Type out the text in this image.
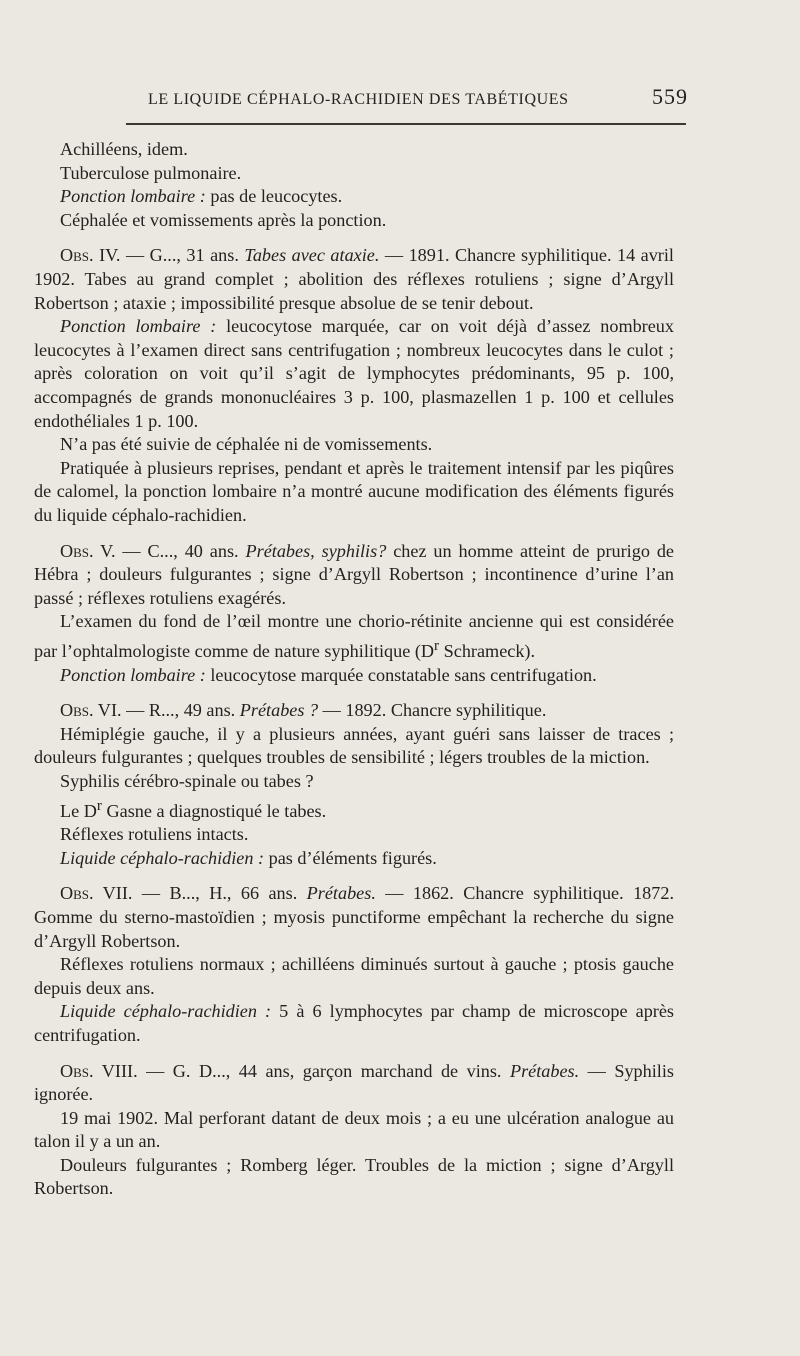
LE LIQUIDE CÉPHALO-RACHIDIEN DES TABÉTIQUES	559

Achilléens, idem.

Tuberculose pulmonaire.

Ponction lombaire : pas de leucocytes.

Céphalée et vomissements après la ponction.

Obs. IV. — G..., 31 ans. Tabes avec ataxie. — 1891. Chancre syphilitique. 14 avril 1902. Tabes au grand complet ; abolition des réflexes rotuliens ; signe d’Argyll Robertson ; ataxie ; impossibilité presque absolue de se tenir debout.

Ponction lombaire : leucocytose marquée, car on voit déjà d’assez nombreux leucocytes à l’examen direct sans centrifugation ; nombreux leucocytes dans le culot ; après coloration on voit qu’il s’agit de lymphocytes prédominants, 95 p. 100, accompagnés de grands mononucléaires 3 p. 100, plasmazellen 1 p. 100 et cellules endothéliales 1 p. 100.

N’a pas été suivie de céphalée ni de vomissements.

Pratiquée à plusieurs reprises, pendant et après le traitement intensif par les piqûres de calomel, la ponction lombaire n’a montré aucune modification des éléments figurés du liquide céphalo-rachidien.

Obs. V. — C..., 40 ans. Prétabes, syphilis? chez un homme atteint de prurigo de Hébra ; douleurs fulgurantes ; signe d’Argyll Robertson ; incontinence d’urine l’an passé ; réflexes rotuliens exagérés.

L’examen du fond de l’œil montre une chorio-rétinite ancienne qui est considérée par l’ophtalmologiste comme de nature syphilitique ($D^r$ Schrameck).

Ponction lombaire : leucocytose marquée constatable sans centrifugation.

Obs. VI. — R..., 49 ans. Prétabes ? — 1892. Chancre syphilitique.

Hémiplégie gauche, il y a plusieurs années, ayant guéri sans laisser de traces ; douleurs fulgurantes ; quelques troubles de sensibilité ; légers troubles de la miction.

Syphilis cérébro-spinale ou tabes ?

Le $D^r$ Gasne a diagnostiqué le tabes.

Réflexes rotuliens intacts.

Liquide céphalo-rachidien : pas d’éléments figurés.

Obs. VII. — B..., H., 66 ans. Prétabes. — 1862. Chancre syphilitique. 1872. Gomme du sterno-mastoïdien ; myosis punctiforme empêchant la recherche du signe d’Argyll Robertson.

Réflexes rotuliens normaux ; achilléens diminués surtout à gauche ; ptosis gauche depuis deux ans.

Liquide céphalo-rachidien : 5 à 6 lymphocytes par champ de microscope après centrifugation.

Obs. VIII. — G. D..., 44 ans, garçon marchand de vins. Prétabes. — Syphilis ignorée.

19 mai 1902. Mal perforant datant de deux mois ; a eu une ulcération analogue au talon il y a un an.

Douleurs fulgurantes ; Romberg léger. Troubles de la miction ; signe d’Argyll Robertson.
